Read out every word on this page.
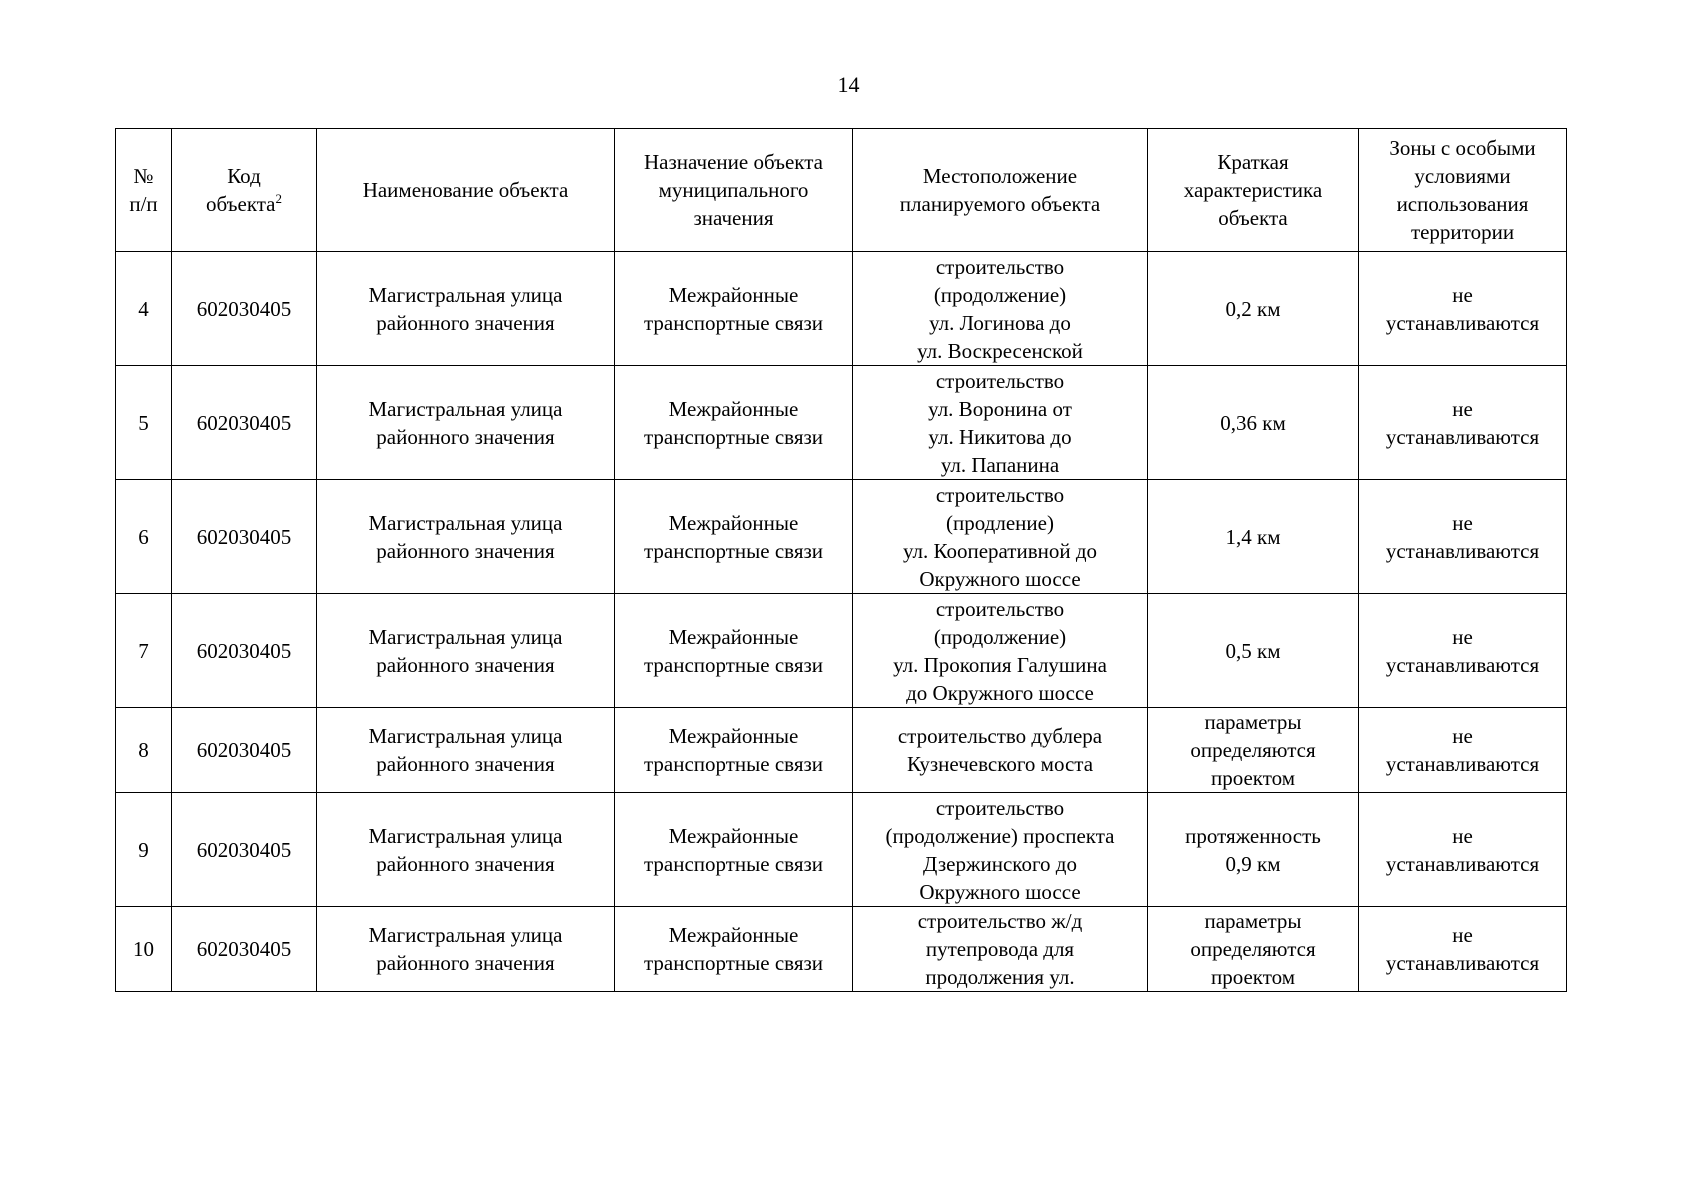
14
№
п/п	Код
объекта$^2$	Наименование объекта	Назначение объекта
муниципального
значения	Местоположение
планируемого объекта	Краткая
характеристика
объекта	Зоны с особыми
условиями
использования
территории

4	602030405	Магистральная улица
районного значения	Межрайонные
транспортные связи	строительство
(продолжение)
ул. Логинова до
ул. Воскресенской	0,2 км	не
устанавливаются

5	602030405	Магистральная улица
районного значения	Межрайонные
транспортные связи	строительство
ул. Воронина от
ул. Никитова до
ул. Папанина	0,36 км	не
устанавливаются

6	602030405	Магистральная улица
районного значения	Межрайонные
транспортные связи	строительство
(продление)
ул. Кооперативной до
Окружного шоссе	1,4 км	не
устанавливаются

7	602030405	Магистральная улица
районного значения	Межрайонные
транспортные связи	строительство
(продолжение)
ул. Прокопия Галушина
до Окружного шоссе	0,5 км	не
устанавливаются

8	602030405	Магистральная улица
районного значения	Межрайонные
транспортные связи	строительство дублера
Кузнечевского моста	параметры
определяются
проектом	не
устанавливаются

9	602030405	Магистральная улица
районного значения	Межрайонные
транспортные связи	строительство
(продолжение) проспекта
Дзержинского до
Окружного шоссе	протяженность
0,9 км	не
устанавливаются

10	602030405	Магистральная улица
районного значения	Межрайонные
транспортные связи	строительство ж/д
путепровода для
продолжения ул.	параметры
определяются
проектом	не
устанавливаются
